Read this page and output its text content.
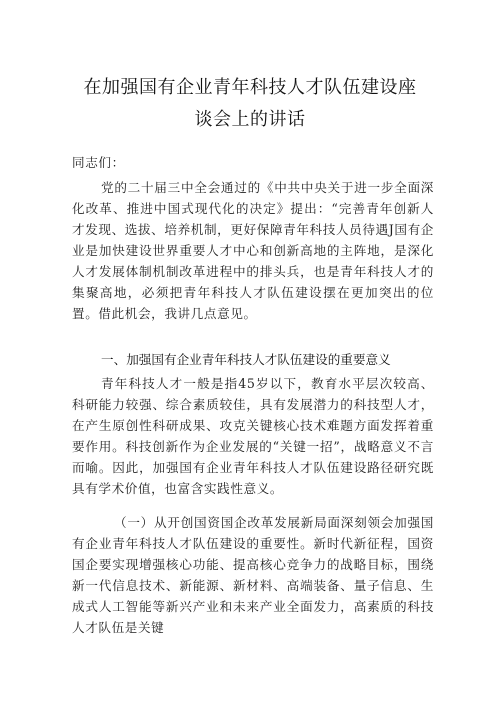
在加强国有企业青年科技人才队伍建设座
谈会上的讲话
同志们：
党的二十届三中全会通过的《中共中央关于进一步全面深化改革、推进中国式现代化的决定》提出：“完善青年创新人才发现、选拔、培养机制，更好保障青年科技人员待遇J国有企业是加快建设世界重要人才中心和创新高地的主阵地，是深化人才发展体制机制改革进程中的排头兵，也是青年科技人才的集聚高地，必须把青年科技人才队伍建设摆在更加突出的位置。借此机会，我讲几点意见。
一、加强国有企业青年科技人才队伍建设的重要意义
青年科技人才一般是指45岁以下，教育水平层次较高、科研能力较强、综合素质较佳，具有发展潜力的科技型人才，在产生原创性科研成果、攻克关键核心技术难题方面发挥着重要作用。科技创新作为企业发展的“关键一招”，战略意义不言而喻。因此，加强国有企业青年科技人才队伍建设路径研究既具有学术价值，也富含实践性意义。
（一）从开创国资国企改革发展新局面深刻领会加强国有企业青年科技人才队伍建设的重要性。新时代新征程，国资国企要实现增强核心功能、提高核心竞争力的战略目标，围绕新一代信息技术、新能源、新材料、高端装备、量子信息、生成式人工智能等新兴产业和未来产业全面发力，高素质的科技人才队伍是关键
